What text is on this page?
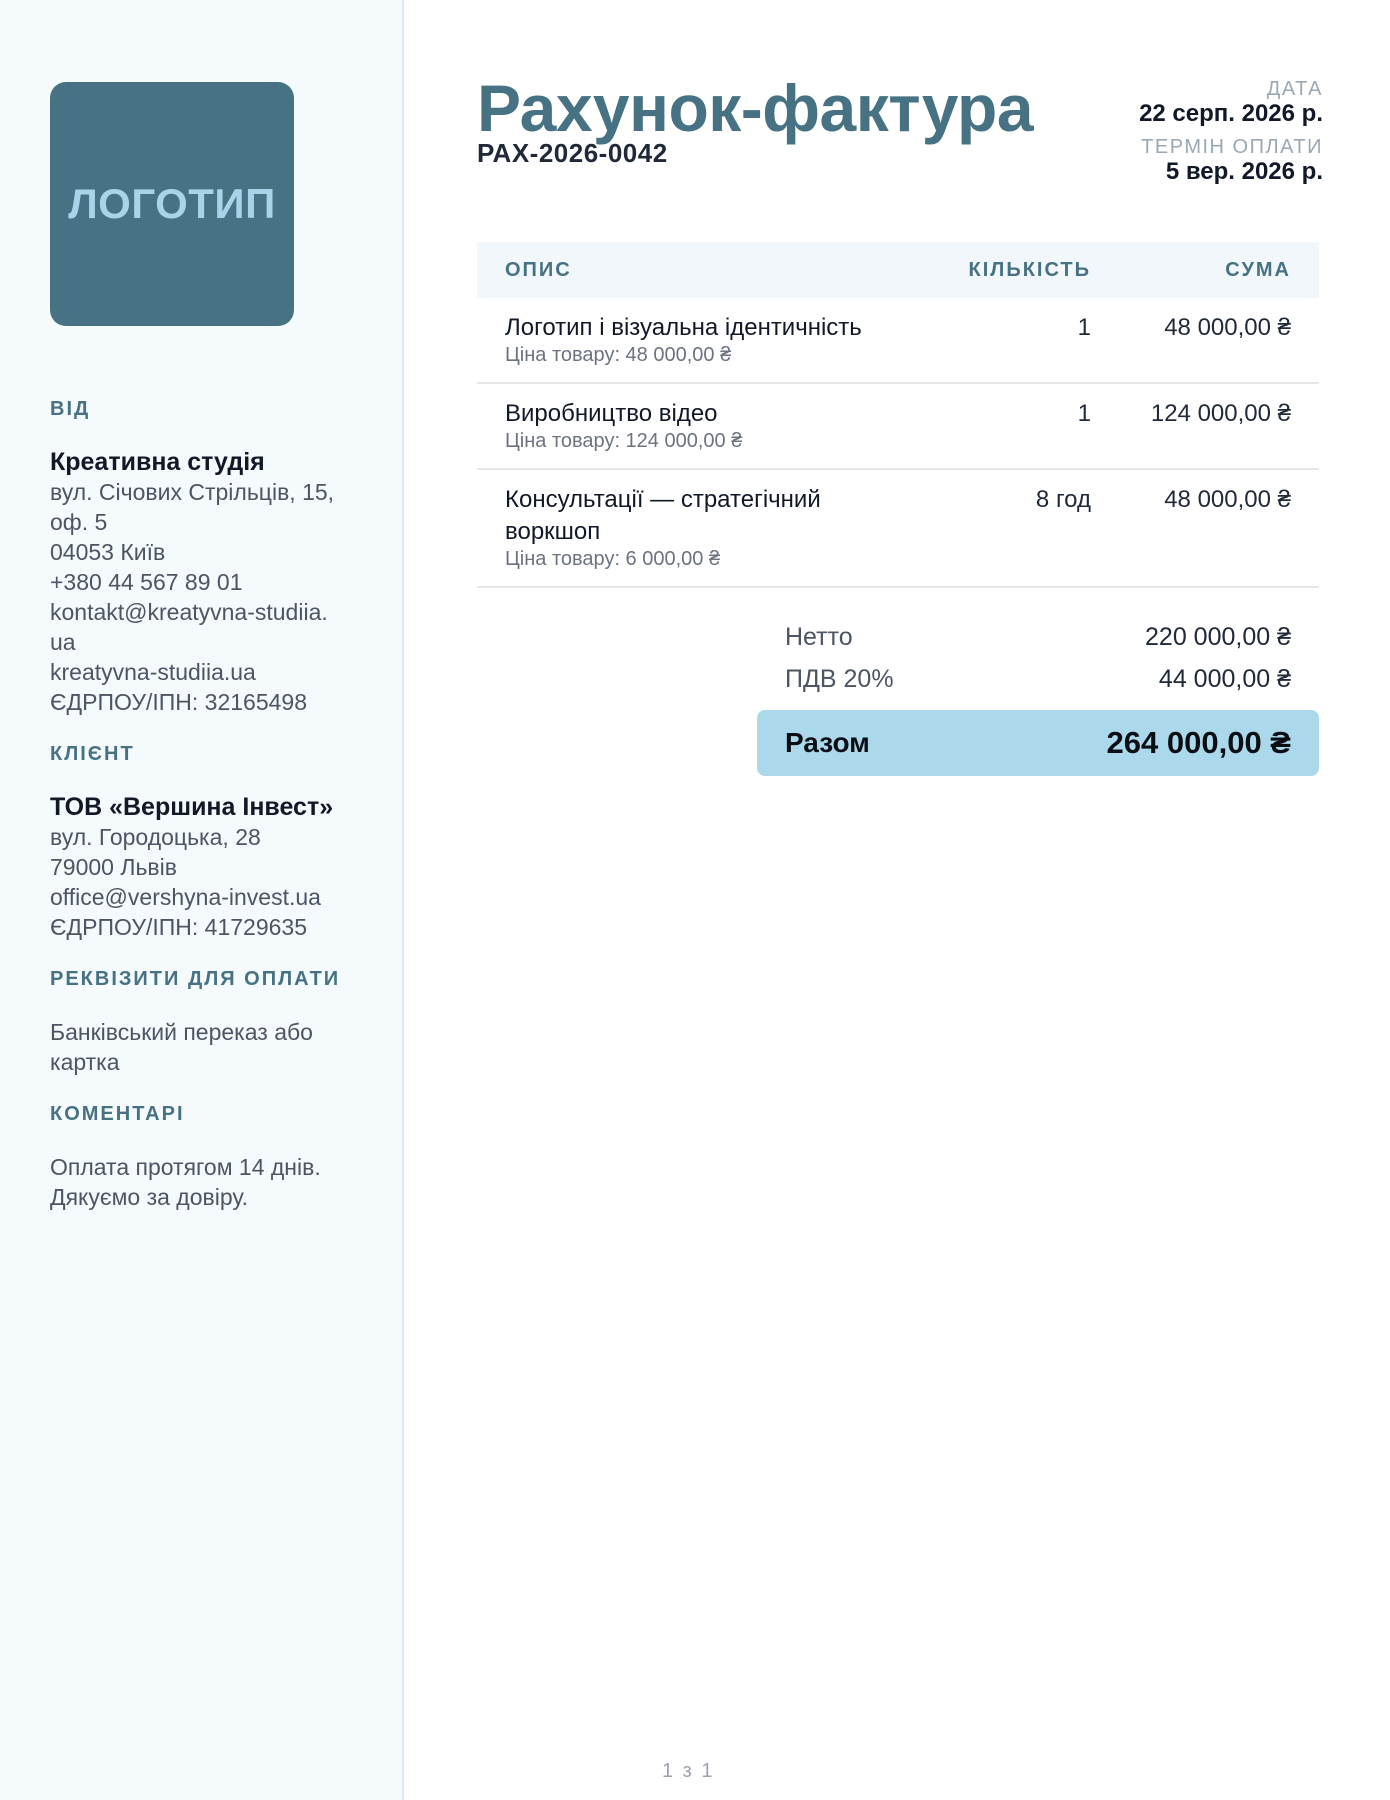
ЛОГОТИП
ВІД
Креативна студія
вул. Січових Стрільців, 15,
оф. 5
04053 Київ
+380 44 567 89 01
kontakt@kreatyvna-studiia.
ua
kreatyvna-studiia.ua
ЄДРПОУ/ІПН: 32165498
КЛІЄНТ
ТОВ «Вершина Інвест»
вул. Городоцька, 28
79000 Львів
office@vershyna-invest.ua
ЄДРПОУ/ІПН: 41729635
РЕКВІЗИТИ ДЛЯ ОПЛАТИ
Банківський переказ або
картка
КОМЕНТАРІ
Оплата протягом 14 днів.
Дякуємо за довіру.
Рахунок-фактура
РАХ-2026-0042
ДАТА
22 серп. 2026 р.
ТЕРМІН ОПЛАТИ
5 вер. 2026 р.
ОПИС	КІЛЬКІСТЬ	СУМА
Логотип і візуальна ідентичність
Ціна товару: 48 000,00 ₴
1	48 000,00 ₴
Виробництво відео
Ціна товару: 124 000,00 ₴
1	124 000,00 ₴
Консультації — стратегічний
воркшоп
Ціна товару: 6 000,00 ₴
8 год	48 000,00 ₴
Нетто	220 000,00 ₴
ПДВ 20%	44 000,00 ₴
Разом	264 000,00 ₴
1 з 1
